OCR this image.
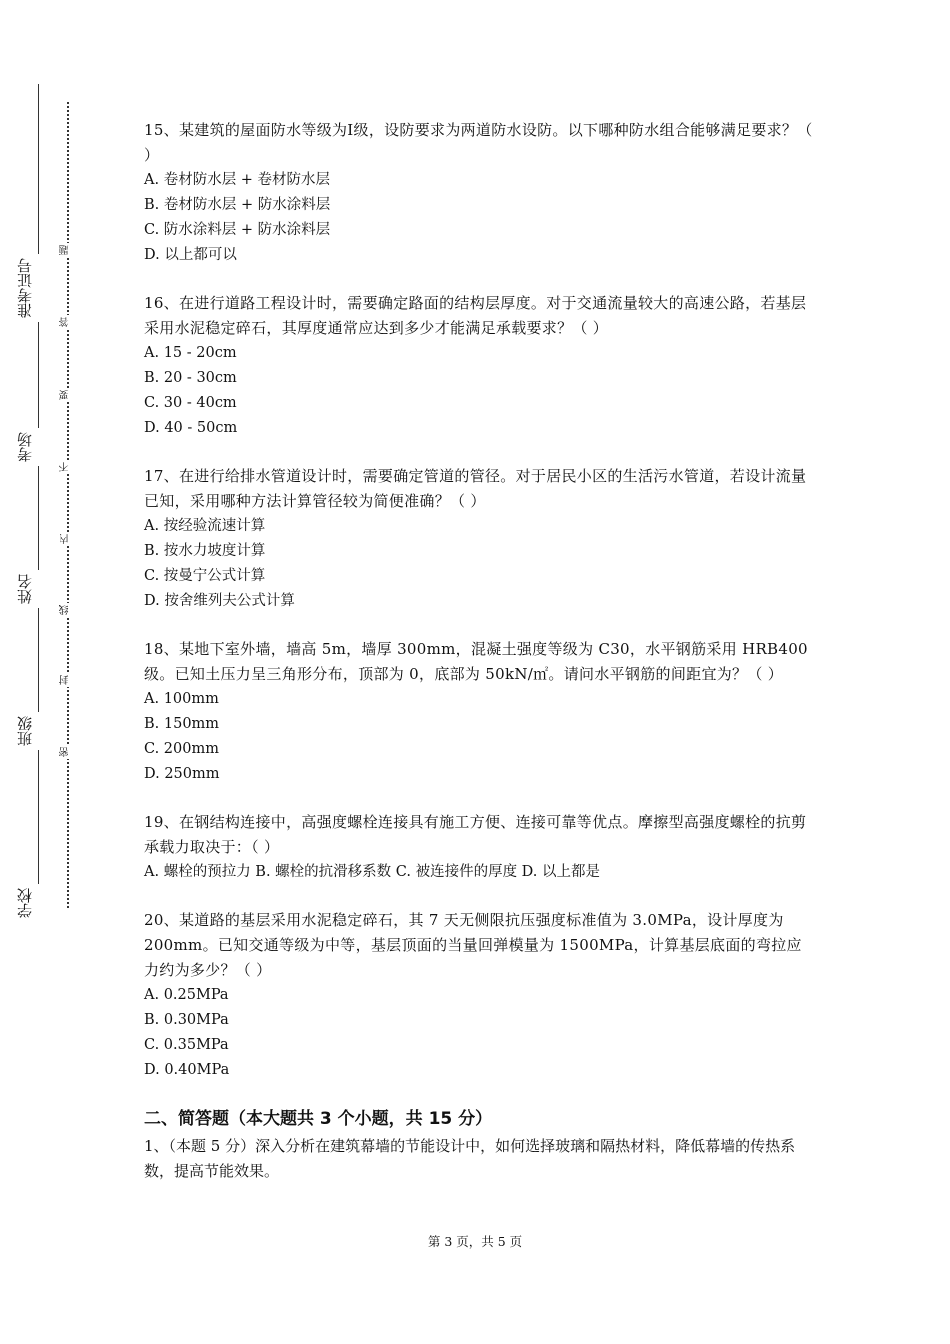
学校
班级
姓名
考场
准考证号
题
答
要
不
内
线
封
密

15、某建筑的屋面防水等级为Ⅰ级，设防要求为两道防水设防。以下哪种防水组合能够满足要求？（ ）

A. 卷材防水层 + 卷材防水层

B. 卷材防水层 + 防水涂料层

C. 防水涂料层 + 防水涂料层

D. 以上都可以

16、在进行道路工程设计时，需要确定路面的结构层厚度。对于交通流量较大的高速公路，若基层采用水泥稳定碎石，其厚度通常应达到多少才能满足承载要求？（ ）

A. 15 - 20cm

B. 20 - 30cm

C. 30 - 40cm

D. 40 - 50cm

17、在进行给排水管道设计时，需要确定管道的管径。对于居民小区的生活污水管道，若设计流量已知，采用哪种方法计算管径较为简便准确？（ ）

A. 按经验流速计算

B. 按水力坡度计算

C. 按曼宁公式计算

D. 按舍维列夫公式计算

18、某地下室外墙，墙高 5m，墙厚 300mm，混凝土强度等级为 C30，水平钢筋采用 HRB400 级。已知土压力呈三角形分布，顶部为 0，底部为 50kN/㎡。请问水平钢筋的间距宜为？（ ）

A. 100mm

B. 150mm

C. 200mm

D. 250mm

19、在钢结构连接中，高强度螺栓连接具有施工方便、连接可靠等优点。摩擦型高强度螺栓的抗剪承载力取决于：（ ）

A. 螺栓的预拉力 B. 螺栓的抗滑移系数 C. 被连接件的厚度 D. 以上都是

20、某道路的基层采用水泥稳定碎石，其 7 天无侧限抗压强度标准值为 3.0MPa，设计厚度为 200mm。已知交通等级为中等，基层顶面的当量回弹模量为 1500MPa，计算基层底面的弯拉应力约为多少？（ ）

A. 0.25MPa

B. 0.30MPa

C. 0.35MPa

D. 0.40MPa

二、简答题（本大题共 3 个小题，共 15 分）

1、（本题 5 分）深入分析在建筑幕墙的节能设计中，如何选择玻璃和隔热材料，降低幕墙的传热系数，提高节能效果。

第 3 页，共 5 页
